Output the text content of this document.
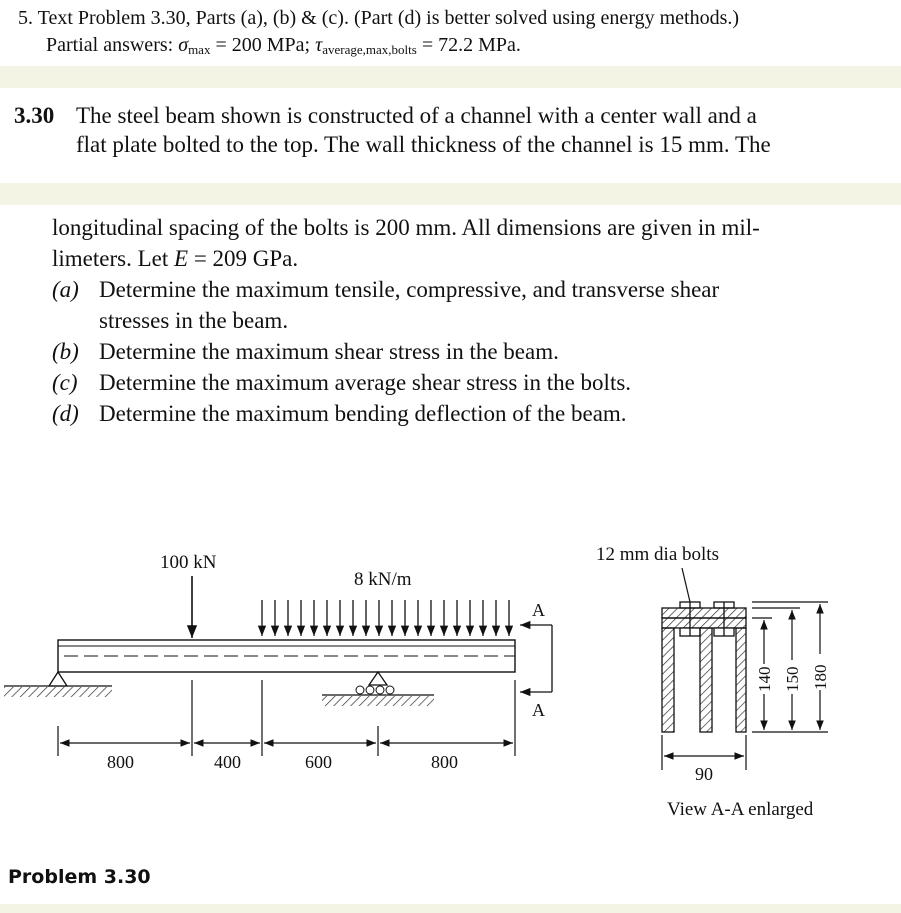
5. Text Problem 3.30, Parts (a), (b) & (c). (Part (d) is better solved using energy methods.)
Partial answers: $\sigma_{max} = 200$ MPa; $\tau_{average,max,bolts} = 72.2$ MPa.
3.30 The steel beam shown is constructed of a channel with a center wall and a
flat plate bolted to the top. The wall thickness of the channel is 15 mm. The
longitudinal spacing of the bolts is 200 mm. All dimensions are given in mil-
limeters. Let E = 209 GPa.
(a) Determine the maximum tensile, compressive, and transverse shear
stresses in the beam.
(b) Determine the maximum shear stress in the beam.
(c) Determine the maximum average shear stress in the bolts.
(d) Determine the maximum bending deflection of the beam.
100 kN
8 kN/m
A
A
800	400	600	800
12 mm dia bolts
140 150 180
90
View A-A enlarged
Problem 3.30
